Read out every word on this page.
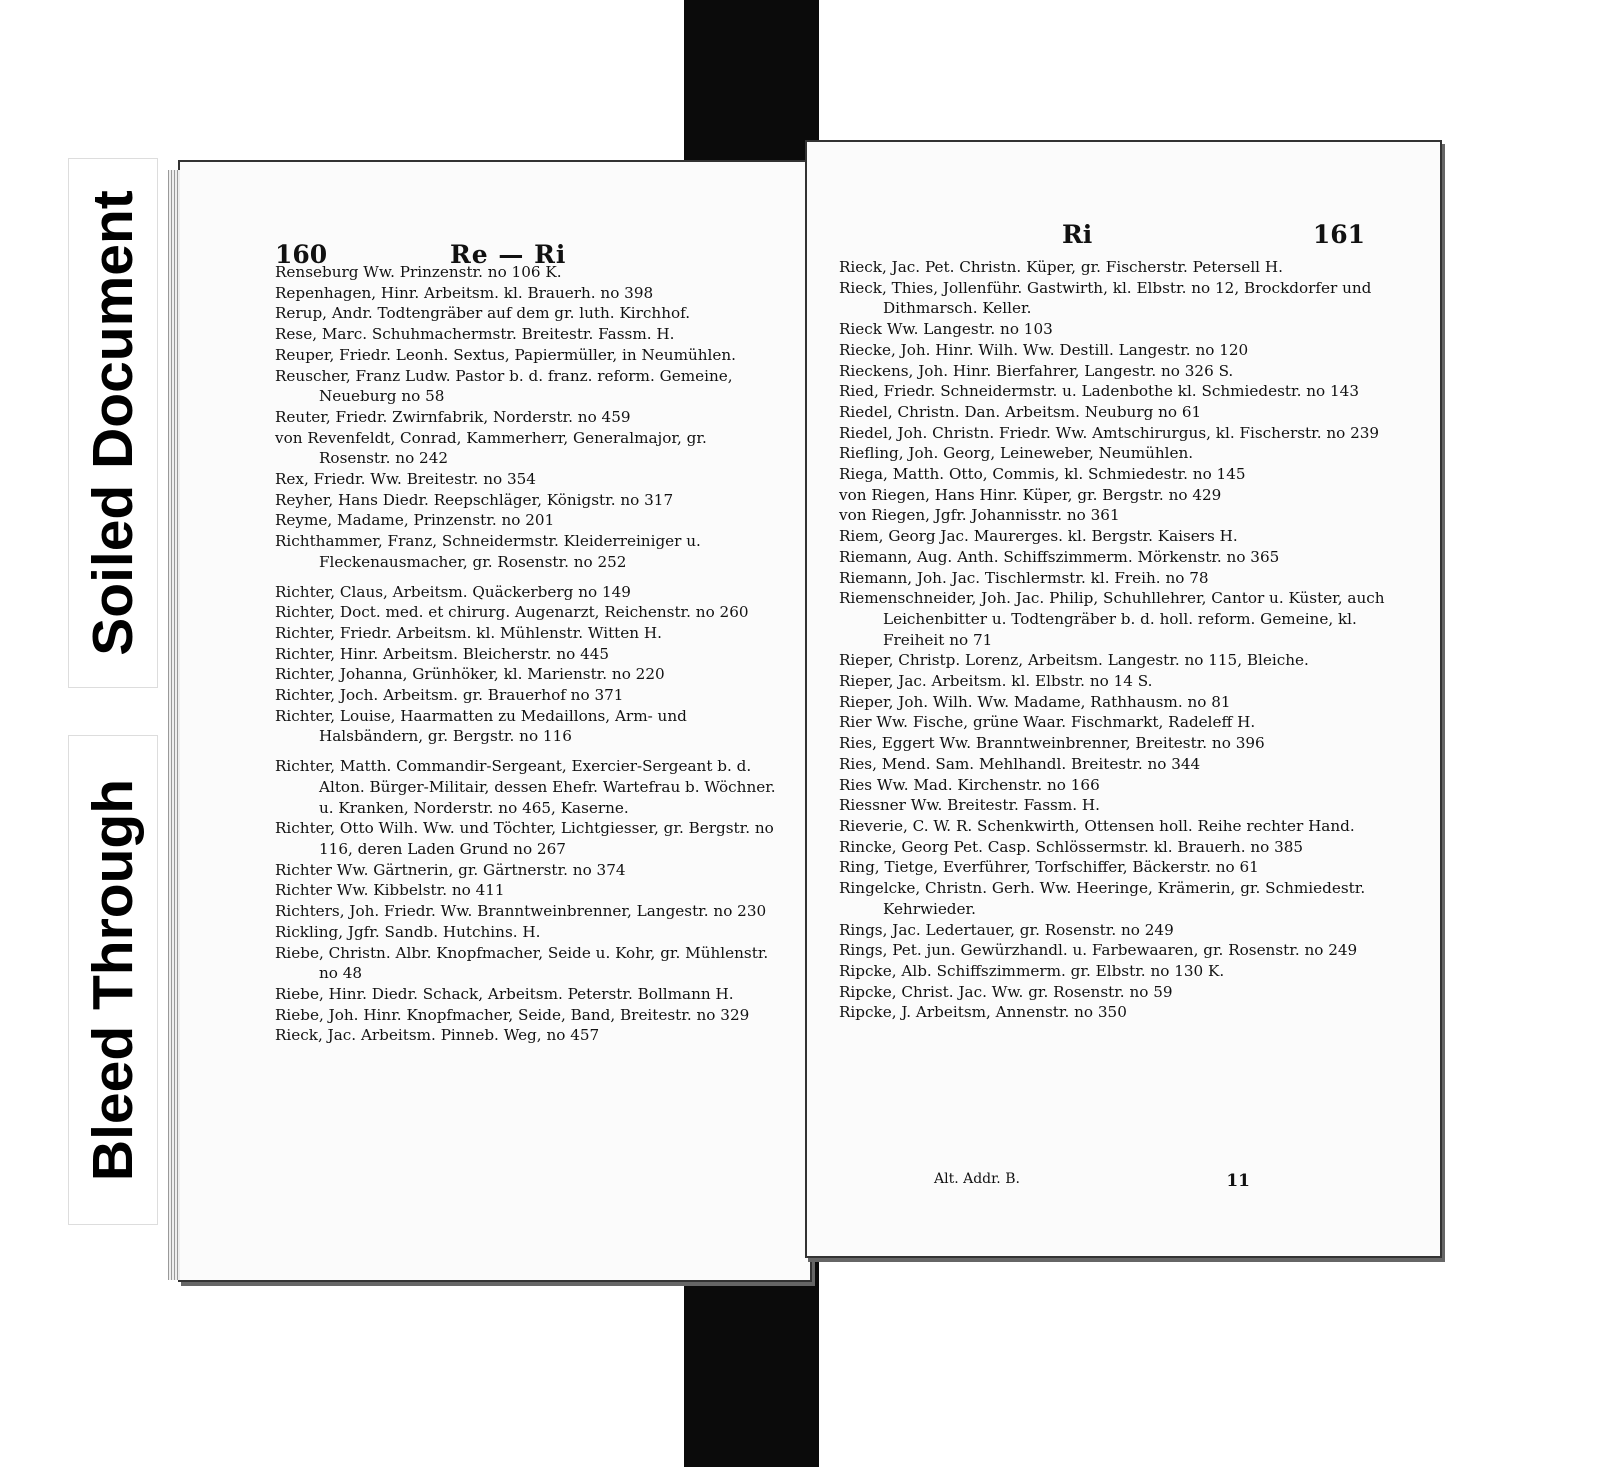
Soiled Document
Bleed Through
160	Re — Ri

Renseburg Ww. Prinzenstr. no 106 K.

Repenhagen, Hinr. Arbeitsm. kl. Brauerh. no 398

Rerup, Andr. Todtengräber auf dem gr. luth. Kirchhof.

Rese, Marc. Schuhmachermstr. Breitestr. Fassm. H.

Reuper, Friedr. Leonh. Sextus, Papiermüller, in Neumühlen.

Reuscher, Franz Ludw. Pastor b. d. franz. reform. Gemeine, Neueburg no 58

Reuter, Friedr. Zwirnfabrik, Norderstr. no 459

von Revenfeldt, Conrad, Kammerherr, Generalmajor, gr. Rosenstr. no 242

Rex, Friedr. Ww. Breitestr. no 354

Reyher, Hans Diedr. Reepschläger, Königstr. no 317

Reyme, Madame, Prinzenstr. no 201

Richthammer, Franz, Schneidermstr. Kleiderreiniger u. Fleckenausmacher, gr. Rosenstr. no 252

Richter, Claus, Arbeitsm. Quäckerberg no 149

Richter, Doct. med. et chirurg. Augenarzt, Reichenstr. no 260

Richter, Friedr. Arbeitsm. kl. Mühlenstr. Witten H.

Richter, Hinr. Arbeitsm. Bleicherstr. no 445

Richter, Johanna, Grünhöker, kl. Marienstr. no 220

Richter, Joch. Arbeitsm. gr. Brauerhof no 371

Richter, Louise, Haarmatten zu Medaillons, Arm- und Halsbändern, gr. Bergstr. no 116

Richter, Matth. Commandir-Sergeant, Exercier-Sergeant b. d. Alton. Bürger-Militair, dessen Ehefr. Wartefrau b. Wöchner. u. Kranken, Norderstr. no 465, Kaserne.

Richter, Otto Wilh. Ww. und Töchter, Lichtgiesser, gr. Bergstr. no 116, deren Laden Grund no 267

Richter Ww. Gärtnerin, gr. Gärtnerstr. no 374

Richter Ww. Kibbelstr. no 411

Richters, Joh. Friedr. Ww. Branntweinbrenner, Langestr. no 230

Rickling, Jgfr. Sandb. Hutchins. H.

Riebe, Christn. Albr. Knopfmacher, Seide u. Kohr, gr. Mühlenstr. no 48

Riebe, Hinr. Diedr. Schack, Arbeitsm. Peterstr. Bollmann H.

Riebe, Joh. Hinr. Knopfmacher, Seide, Band, Breitestr. no 329

Rieck, Jac. Arbeitsm. Pinneb. Weg, no 457

Ri	161

Rieck, Jac. Pet. Christn. Küper, gr. Fischerstr. Petersell H.

Rieck, Thies, Jollenführ. Gastwirth, kl. Elbstr. no 12, Brockdorfer und Dithmarsch. Keller.

Rieck Ww. Langestr. no 103

Riecke, Joh. Hinr. Wilh. Ww. Destill. Langestr. no 120

Rieckens, Joh. Hinr. Bierfahrer, Langestr. no 326 S.

Ried, Friedr. Schneidermstr. u. Ladenbothe kl. Schmiedestr. no 143

Riedel, Christn. Dan. Arbeitsm. Neuburg no 61

Riedel, Joh. Christn. Friedr. Ww. Amtschirurgus, kl. Fischerstr. no 239

Riefling, Joh. Georg, Leineweber, Neumühlen.

Riega, Matth. Otto, Commis, kl. Schmiedestr. no 145

von Riegen, Hans Hinr. Küper, gr. Bergstr. no 429

von Riegen, Jgfr. Johannisstr. no 361

Riem, Georg Jac. Maurerges. kl. Bergstr. Kaisers H.

Riemann, Aug. Anth. Schiffszimmerm. Mörkenstr. no 365

Riemann, Joh. Jac. Tischlermstr. kl. Freih. no 78

Riemenschneider, Joh. Jac. Philip, Schuhllehrer, Cantor u. Küster, auch Leichenbitter u. Todtengräber b. d. holl. reform. Gemeine, kl. Freiheit no 71

Rieper, Christp. Lorenz, Arbeitsm. Langestr. no 115, Bleiche.

Rieper, Jac. Arbeitsm. kl. Elbstr. no 14 S.

Rieper, Joh. Wilh. Ww. Madame, Rathhausm. no 81

Rier Ww. Fische, grüne Waar. Fischmarkt, Radeleff H.

Ries, Eggert Ww. Branntweinbrenner, Breitestr. no 396

Ries, Mend. Sam. Mehlhandl. Breitestr. no 344

Ries Ww. Mad. Kirchenstr. no 166

Riessner Ww. Breitestr. Fassm. H.

Rieverie, C. W. R. Schenkwirth, Ottensen holl. Reihe rechter Hand.

Rincke, Georg Pet. Casp. Schlössermstr. kl. Brauerh. no 385

Ring, Tietge, Everführer, Torfschiffer, Bäckerstr. no 61

Ringelcke, Christn. Gerh. Ww. Heeringe, Krämerin, gr. Schmiedestr. Kehrwieder.

Rings, Jac. Ledertauer, gr. Rosenstr. no 249

Rings, Pet. jun. Gewürzhandl. u. Farbewaaren, gr. Rosenstr. no 249

Ripcke, Alb. Schiffszimmerm. gr. Elbstr. no 130 K.

Ripcke, Christ. Jac. Ww. gr. Rosenstr. no 59

Ripcke, J. Arbeitsm, Annenstr. no 350

Alt. Addr. B.	11
